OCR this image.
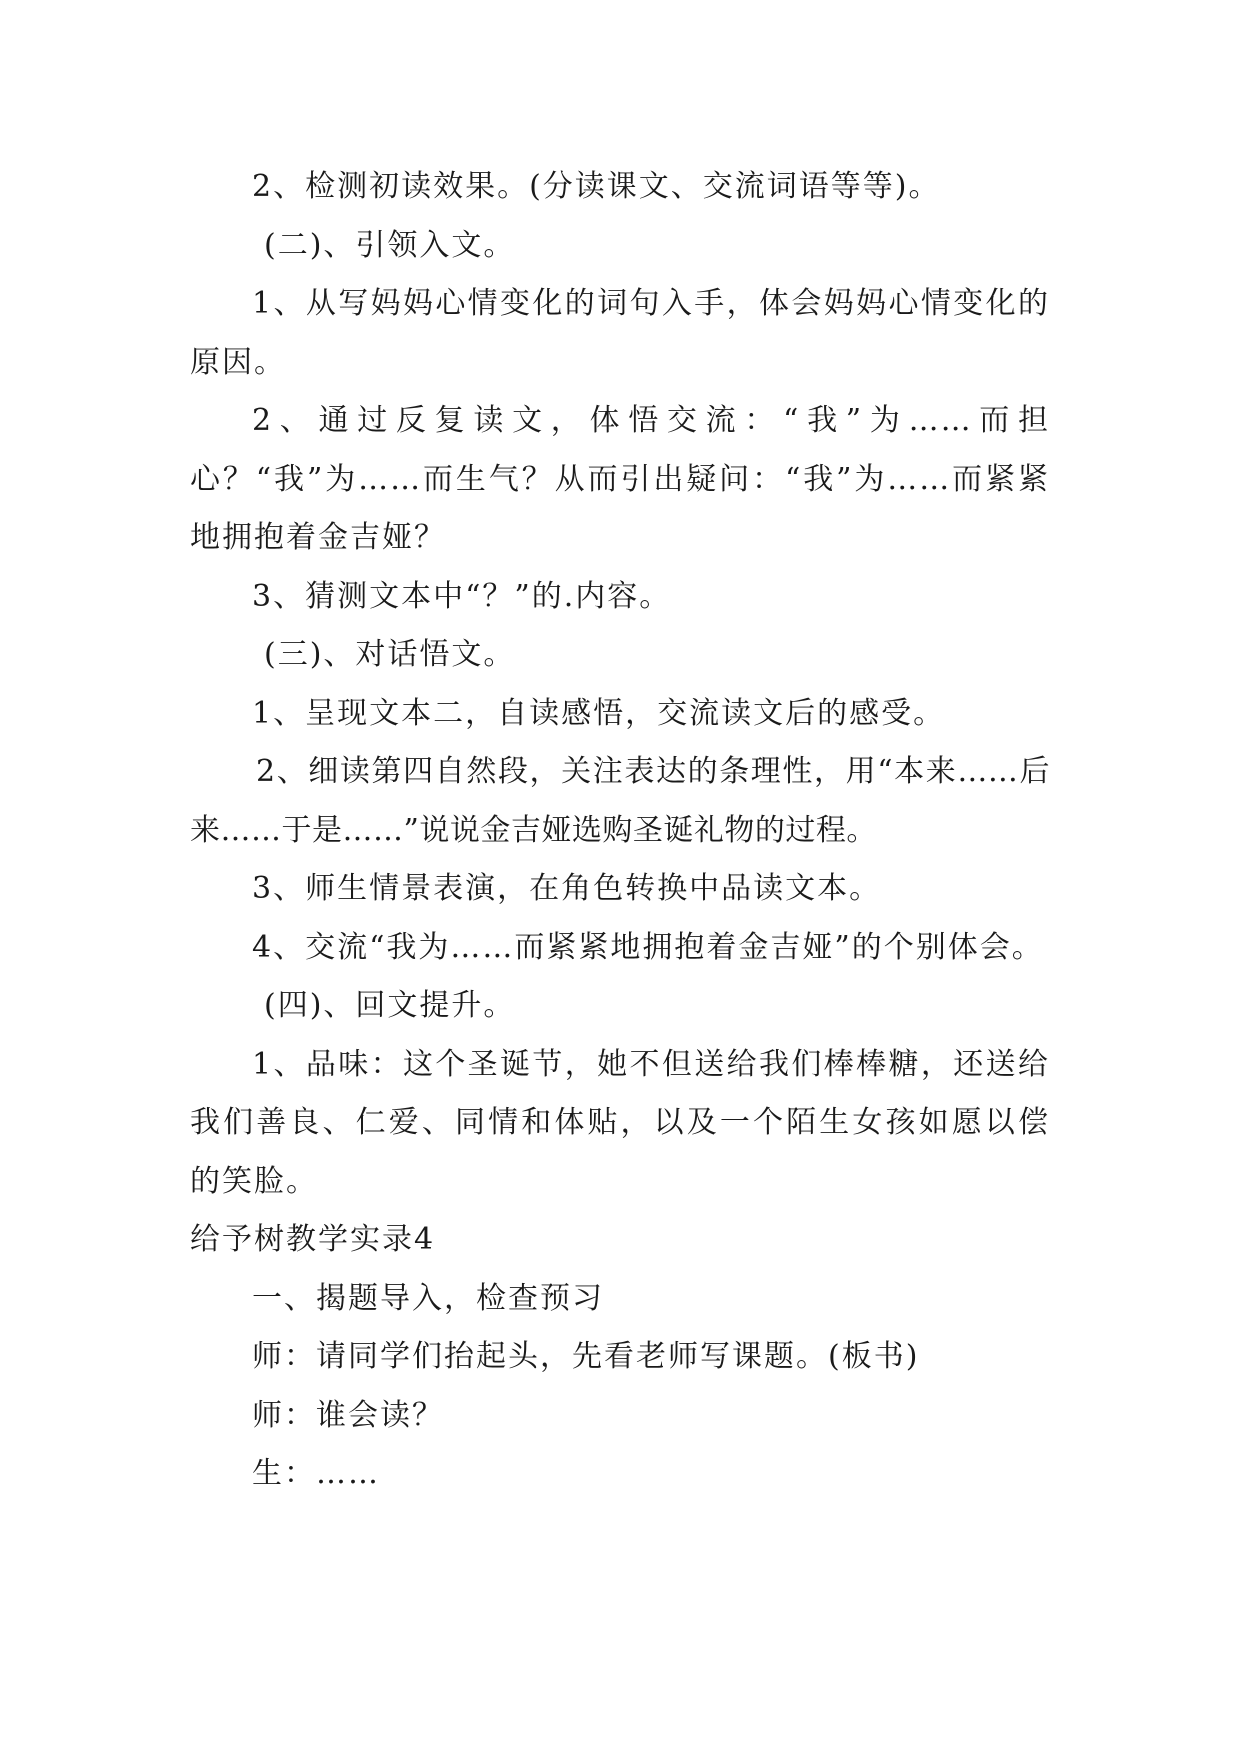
2、检测初读效果。(分读课文、交流词语等等)。

(二)、引领入文。

1、从写妈妈心情变化的词句入手，体会妈妈心情变化的原因。

2、通过反复读文，体悟交流：“我”为……而担心？“我”为……而生气？从而引出疑问：“我”为……而紧紧地拥抱着金吉娅？

3、猜测文本中“？”的.内容。

(三)、对话悟文。

1、呈现文本二，自读感悟，交流读文后的感受。

2、细读第四自然段，关注表达的条理性，用“本来……后来……于是……”说说金吉娅选购圣诞礼物的过程。

3、师生情景表演，在角色转换中品读文本。

4、交流“我为……而紧紧地拥抱着金吉娅”的个别体会。

(四)、回文提升。

1、品味：这个圣诞节，她不但送给我们棒棒糖，还送给我们善良、仁爱、同情和体贴，以及一个陌生女孩如愿以偿的笑脸。

给予树教学实录4

一、揭题导入，检查预习

师：请同学们抬起头，先看老师写课题。(板书)

师：谁会读？

生：……
